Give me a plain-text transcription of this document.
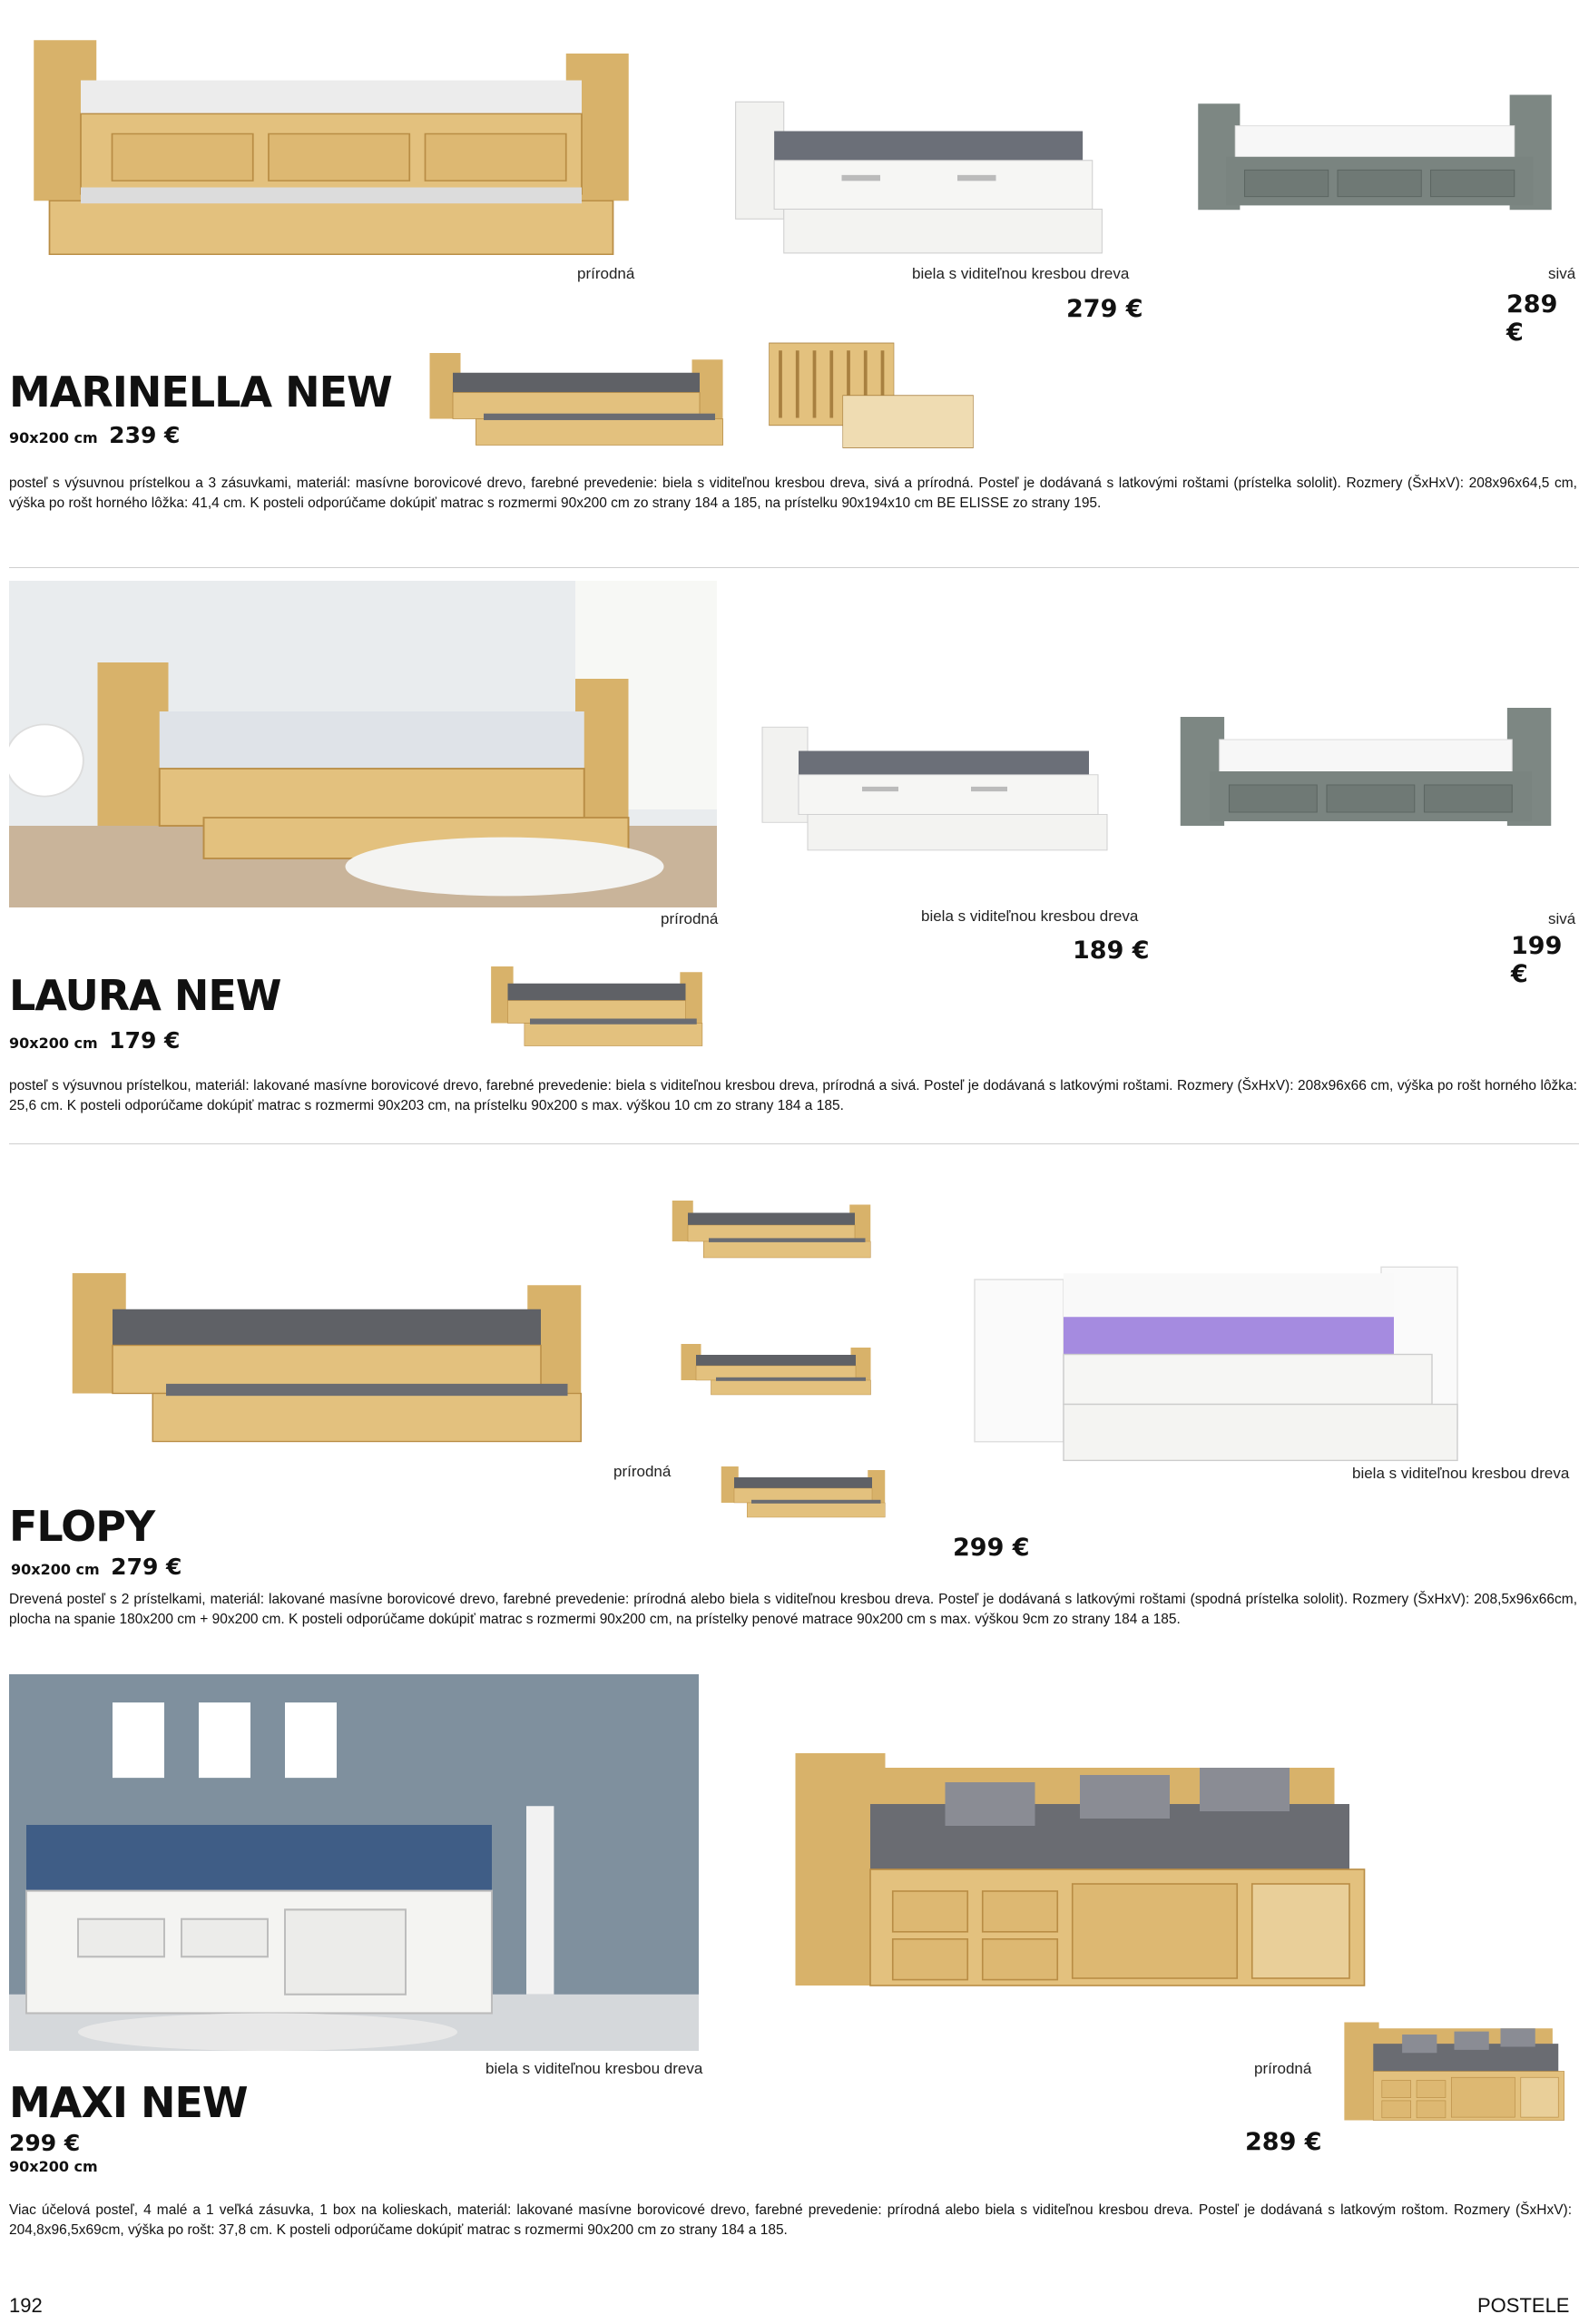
prírodná	biela s viditeľnou kresbou dreva	sivá
279 €	289 €
MARINELLA NEW
90x200 cm 239 €
posteľ s výsuvnou prístelkou a 3 zásuvkami, materiál: masívne borovicové drevo, farebné prevedenie: biela s viditeľnou kresbou dreva, sivá a prírodná. Posteľ je dodávaná s latkovými roštami (prístelka sololit). Rozmery (ŠxHxV): 208x96x64,5 cm, výška po rošt horného lôžka: 41,4 cm. K posteli odporúčame dokúpiť matrac s rozmermi 90x200 cm zo strany 184 a 185, na prístelku 90x194x10 cm BE ELISSE zo strany 195.
prírodná	biela s viditeľnou kresbou dreva	sivá
189 €	199 €
LAURA NEW
90x200 cm 179 €
posteľ s výsuvnou prístelkou, materiál: lakované masívne borovicové drevo, farebné prevedenie: biela s viditeľnou kresbou dreva, prírodná a sivá. Posteľ je dodávaná s latkovými roštami. Rozmery (ŠxHxV): 208x96x66 cm, výška po rošt horného lôžka: 25,6 cm. K posteli odporúčame dokúpiť matrac s rozmermi 90x203 cm, na prístelku 90x200 s max. výškou 10 cm zo strany 184 a 185.
prírodná	biela s viditeľnou kresbou dreva
299 €
FLOPY
90x200 cm 279 €
Drevená posteľ s 2 prístelkami, materiál: lakované masívne borovicové drevo, farebné prevedenie: prírodná alebo biela s viditeľnou kresbou dreva. Posteľ je dodávaná s latkovými roštami (spodná prístelka sololit). Rozmery (ŠxHxV): 208,5x96x66cm, plocha na spanie 180x200 cm + 90x200 cm. K posteli odporúčame dokúpiť matrac s rozmermi 90x200 cm, na prístelky penové matrace 90x200 cm s max. výškou 9cm zo strany 184 a 185.
biela s viditeľnou kresbou dreva	prírodná
289 €
MAXI NEW
299 €
90x200 cm
Viac účelová posteľ, 4 malé a 1 veľká zásuvka, 1 box na kolieskach, materiál: lakované masívne borovicové drevo, farebné prevedenie: prírodná alebo biela s viditeľnou kresbou dreva. Posteľ je dodávaná s latkovým roštom. Rozmery (ŠxHxV): 204,8x96,5x69cm, výška po rošt: 37,8 cm. K posteli odporúčame dokúpiť matrac s rozmermi 90x200 cm zo strany 184 a 185.
192	POSTELE
